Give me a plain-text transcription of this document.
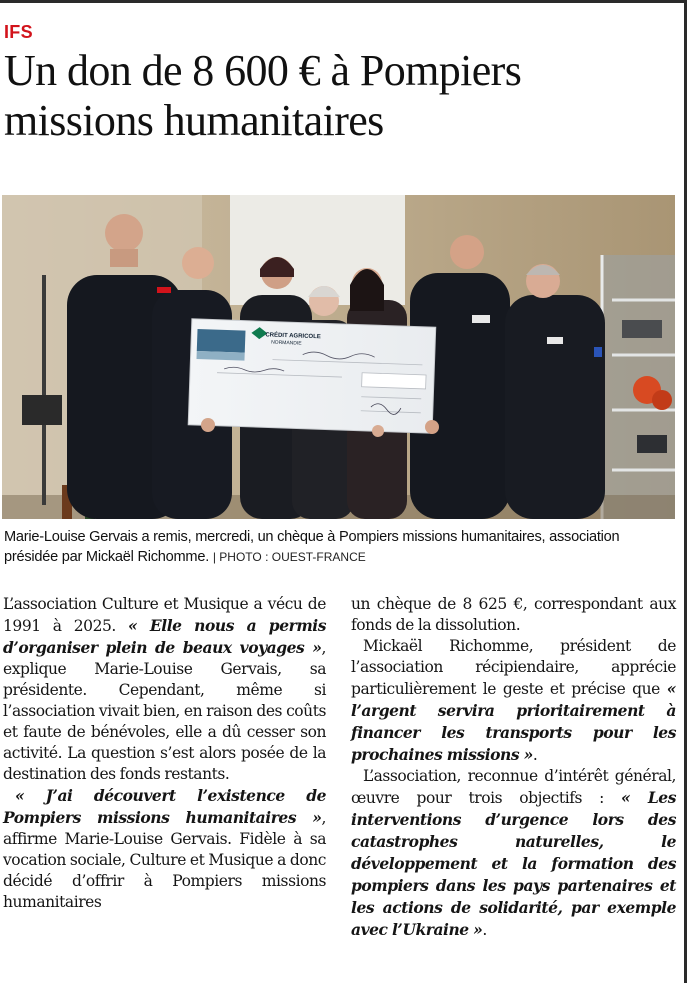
IFS
Un don de 8 600 € à Pompiers missions humanitaires
CRÉDIT AGRICOLE
NORMANDIE

Marie-Louise Gervais a remis, mercredi, un chèque à Pompiers missions humanitaires, association présidée par Mickaël Richomme. | PHOTO : OUEST-FRANCE

L’association Culture et Musique a vécu de 1991 à 2025. « Elle nous a permis d’organiser plein de beaux voyages », explique Marie-Louise Gervais, sa présidente. Cependant, même si l’association vivait bien, en raison des coûts et faute de bénévoles, elle a dû cesser son activité. La question s’est alors posée de la destination des fonds restants.

« J’ai découvert l’existence de Pompiers missions humanitaires », affirme Marie-Louise Gervais. Fidèle à sa vocation sociale, Culture et Musique a donc décidé d’offrir à Pompiers missions humanitaires

un chèque de 8 625 €, correspondant aux fonds de la dissolution.

Mickaël Richomme, président de l’association récipiendaire, apprécie particulièrement le geste et précise que « l’argent servira prioritairement à financer les transports pour les prochaines missions ».

L’association, reconnue d’intérêt général, œuvre pour trois objectifs : « Les interventions d’urgence lors des catastrophes naturelles, le développement et la formation des pompiers dans les pays partenaires et les actions de solidarité, par exemple avec l’Ukraine ».
